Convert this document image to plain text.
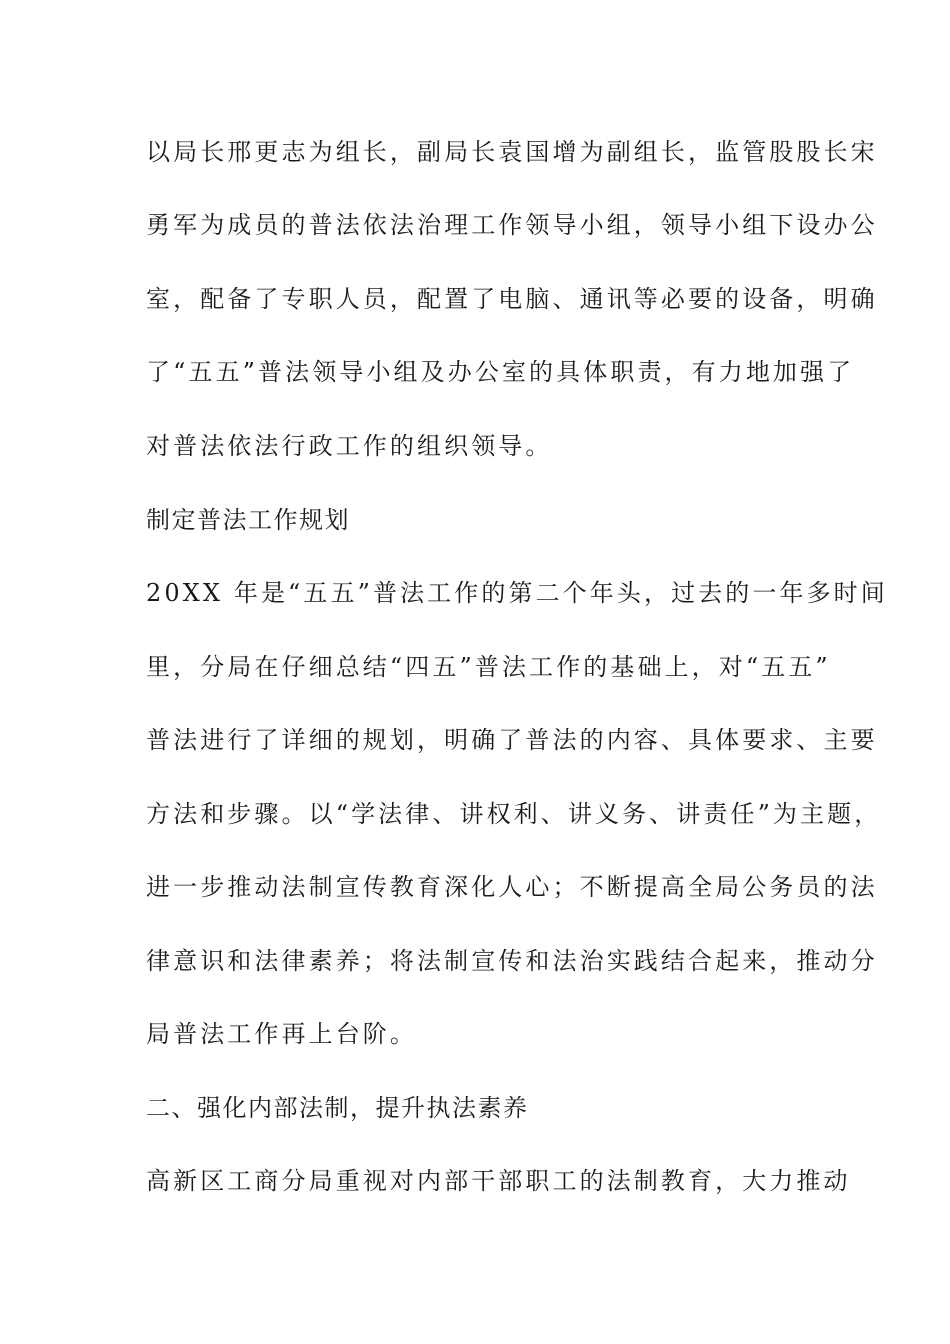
以局长邢更志为组长，副局长袁国增为副组长，监管股股长宋
勇军为成员的普法依法治理工作领导小组，领导小组下设办公
室，配备了专职人员，配置了电脑、通讯等必要的设备，明确
了“五五”普法领导小组及办公室的具体职责，有力地加强了
对普法依法行政工作的组织领导。
制定普法工作规划
20XX 年是“五五”普法工作的第二个年头，过去的一年多时间
里，分局在仔细总结“四五”普法工作的基础上，对“五五”
普法进行了详细的规划，明确了普法的内容、具体要求、主要
方法和步骤。以“学法律、讲权利、讲义务、讲责任”为主题，
进一步推动法制宣传教育深化人心；不断提高全局公务员的法
律意识和法律素养；将法制宣传和法治实践结合起来，推动分
局普法工作再上台阶。
二、强化内部法制，提升执法素养
高新区工商分局重视对内部干部职工的法制教育，大力推动
